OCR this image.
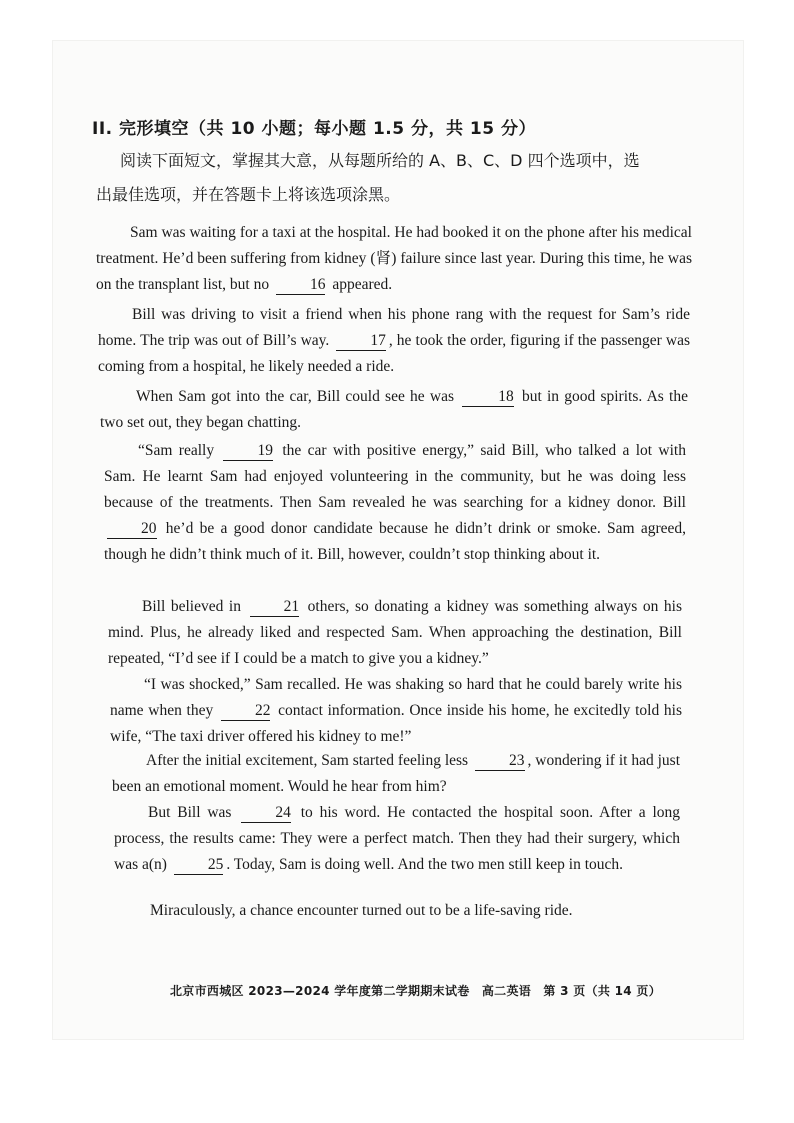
II. 完形填空（共 10 小题；每小题 1.5 分，共 15 分）
阅读下面短文，掌握其大意，从每题所给的 A、B、C、D 四个选项中，选
出最佳选项，并在答题卡上将该选项涂黑。
Sam was waiting for a taxi at the hospital. He had booked it on the phone after his medical treatment. He’d been suffering from kidney (肾) failure since last year. During this time, he was on the transplant list, but no	16 appeared.
Bill was driving to visit a friend when his phone rang with the request for Sam’s ride home. The trip was out of Bill’s way.	17 , he took the order, figuring if the passenger was coming from a hospital, he likely needed a ride.
When Sam got into the car, Bill could see he was	18 but in good spirits. As the two set out, they began chatting.
“Sam really	19 the car with positive energy,” said Bill, who talked a lot with Sam. He learnt Sam had enjoyed volunteering in the community, but he was doing less because of the treatments. Then Sam revealed he was searching for a kidney donor. Bill 20 he’d be a good donor candidate because he didn’t drink or smoke. Sam agreed, though he didn’t think much of it. Bill, however, couldn’t stop thinking about it.
Bill believed in	21 others, so donating a kidney was something always on his mind. Plus, he already liked and respected Sam. When approaching the destination, Bill repeated, “I’d see if I could be a match to give you a kidney.”
“I was shocked,” Sam recalled. He was shaking so hard that he could barely write his name when they	22 contact information. Once inside his home, he excitedly told his wife, “The taxi driver offered his kidney to me!”
After the initial excitement, Sam started feeling less	23 , wondering if it had just been an emotional moment. Would he hear from him?
But Bill was	24 to his word. He contacted the hospital soon. After a long process, the results came: They were a perfect match. Then they had their surgery, which was a(n)	25 . Today, Sam is doing well. And the two men still keep in touch.
Miraculously, a chance encounter turned out to be a life-saving ride.
北京市西城区 2023—2024 学年度第二学期期末试卷　高二英语　第 3 页（共 14 页）
